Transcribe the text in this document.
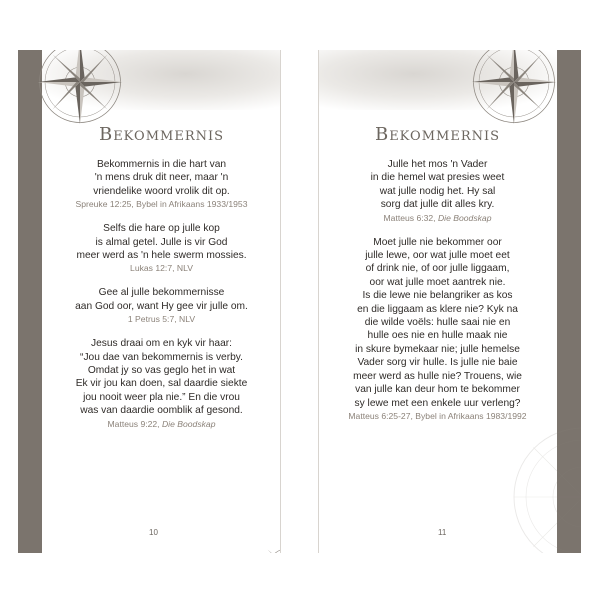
Bekommernis
Bekommernis in die hart van
'n mens druk dit neer, maar 'n
vriendelike woord vrolik dit op.
Spreuke 12:25, Bybel in Afrikaans 1933/1953
Selfs die hare op julle kop
is almal getel. Julle is vir God
meer werd as 'n hele swerm mossies.
Lukas 12:7, NLV
Gee al julle bekommernisse
aan God oor, want Hy gee vir julle om.
1 Petrus 5:7, NLV
Jesus draai om en kyk vir haar:
“Jou dae van bekommernis is verby.
Omdat jy so vas geglo het in wat
Ek vir jou kan doen, sal daardie siekte
jou nooit weer pla nie.” En die vrou
was van daardie oomblik af gesond.
Matteus 9:22, Die Boodskap
10
Bekommernis
Julle het mos 'n Vader
in die hemel wat presies weet
wat julle nodig het. Hy sal
sorg dat julle dit alles kry.
Matteus 6:32, Die Boodskap
Moet julle nie bekommer oor
julle lewe, oor wat julle moet eet
of drink nie, of oor julle liggaam,
oor wat julle moet aantrek nie.
Is die lewe nie belangriker as kos
en die liggaam as klere nie? Kyk na
die wilde voëls: hulle saai nie en
hulle oes nie en hulle maak nie
in skure bymekaar nie; julle hemelse
Vader sorg vir hulle. Is julle nie baie
meer werd as hulle nie? Trouens, wie
van julle kan deur hom te bekommer
sy lewe met een enkele uur verleng?
Matteus 6:25-27, Bybel in Afrikaans 1983/1992
11
